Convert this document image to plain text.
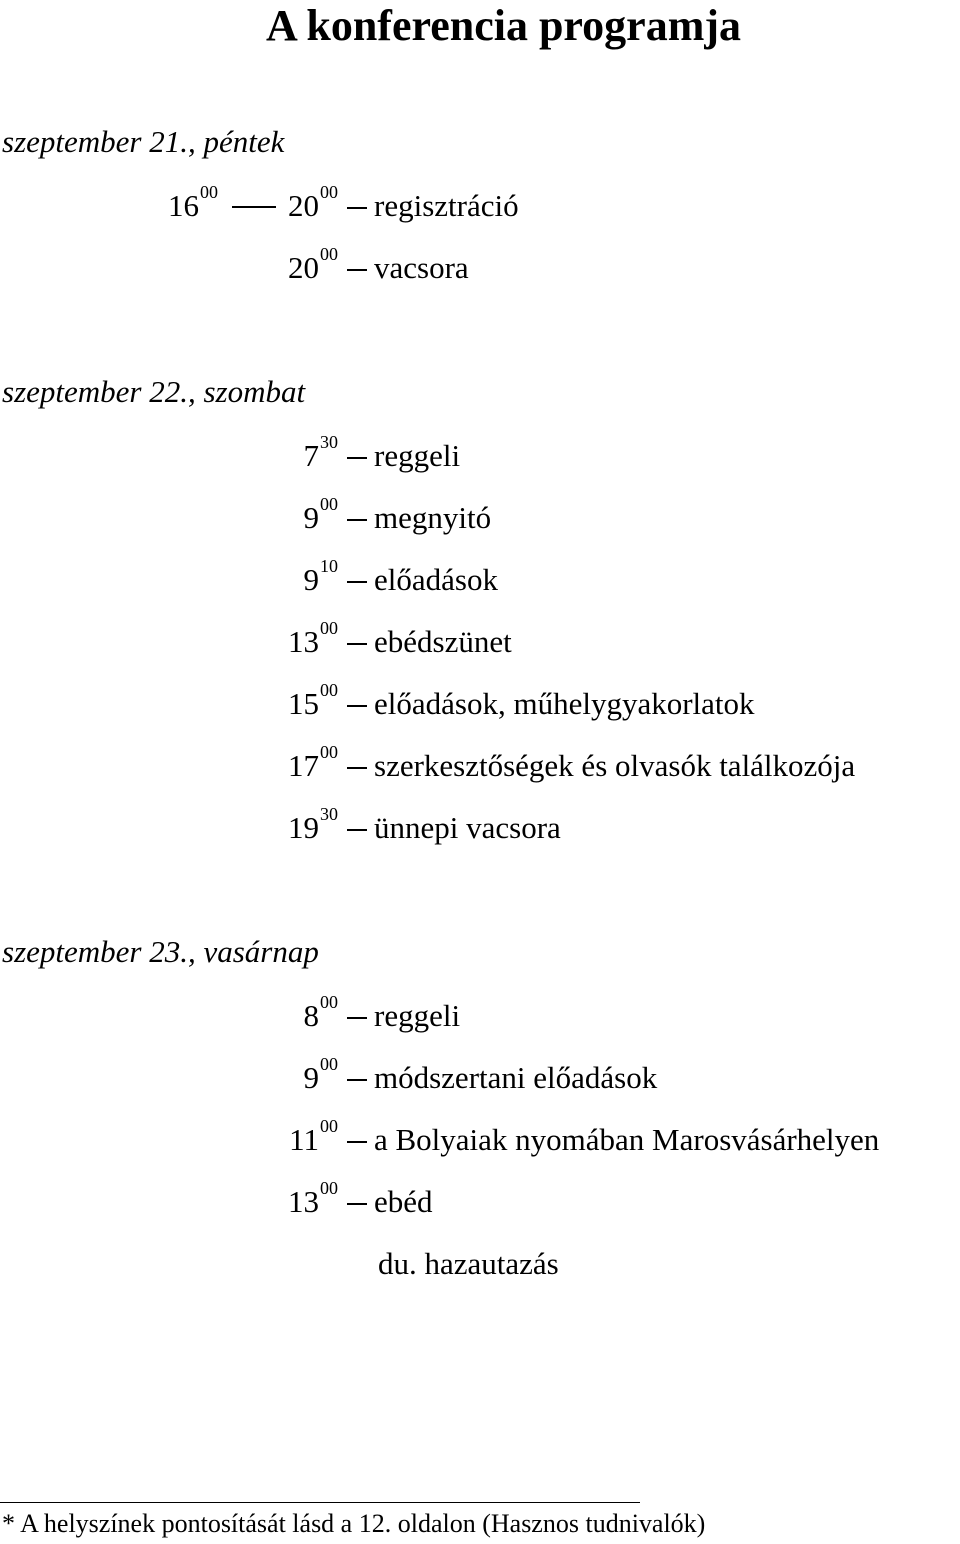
A konferencia programja
szeptember 21., péntek
$16^{00}$ $20^{00}$ regisztráció
$20^{00}$ vacsora
szeptember 22., szombat
$7^{30}$ reggeli
$9^{00}$ megnyitó
$9^{10}$ előadások
$13^{00}$ ebédszünet
$15^{00}$ előadások, műhelygyakorlatok
$17^{00}$ szerkesztőségek és olvasók találkozója
$19^{30}$ ünnepi vacsora
szeptember 23., vasárnap
$8^{00}$ reggeli
$9^{00}$ módszertani előadások
$11^{00}$ a Bolyaiak nyomában Marosvásárhelyen
$13^{00}$ ebéd
du. hazautazás
* A helyszínek pontosítását lásd a 12. oldalon (Hasznos tudnivalók)
